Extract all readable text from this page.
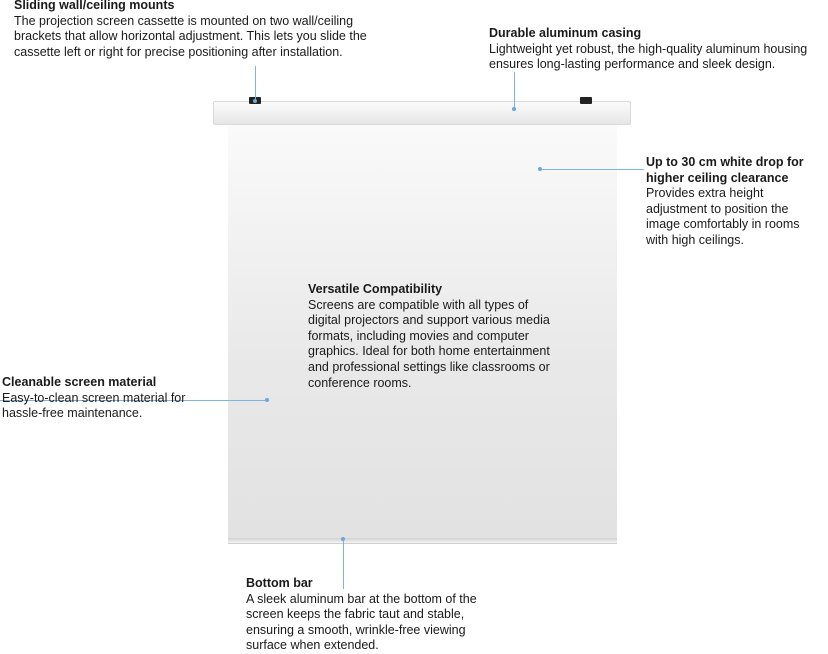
Sliding wall/ceiling mounts
The projection screen cassette is mounted on two wall/ceiling brackets that allow horizontal adjustment. This lets you slide the cassette left or right for precise positioning after installation.
Durable aluminum casing
Lightweight yet robust, the high-quality aluminum housing ensures long-lasting performance and sleek design.
Up to 30 cm white drop for higher ceiling clearance
Provides extra height adjustment to position the image comfortably in rooms with high ceilings.
Versatile Compatibility
Screens are compatible with all types of digital projectors and support various media formats, including movies and computer graphics. Ideal for both home entertainment and professional settings like classrooms or conference rooms.
Cleanable screen material
Easy-to-clean screen material for hassle-free maintenance.
Bottom bar
A sleek aluminum bar at the bottom of the screen keeps the fabric taut and stable, ensuring a smooth, wrinkle-free viewing surface when extended.
